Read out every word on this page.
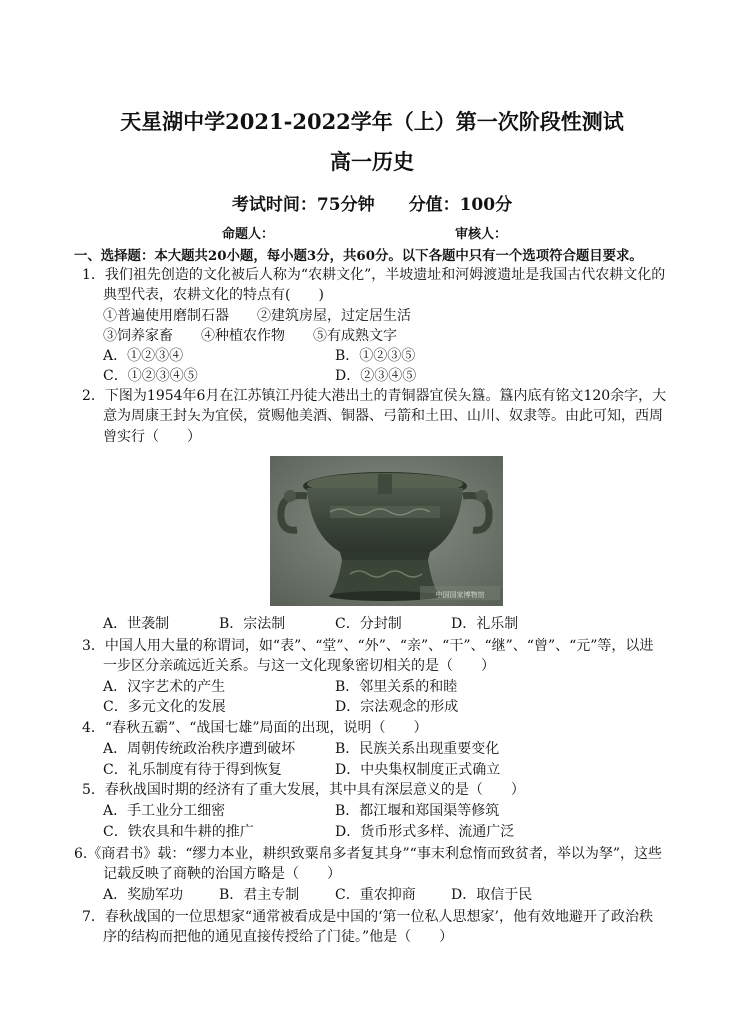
天星湖中学2021-2022学年（上）第一次阶段性测试
高一历史
考试时间：75分钟　　分值：100分
命题人：	审核人：
一、选择题：本大题共20小题，每小题3分，共60分。以下各题中只有一个选项符合题目要求。
1．我们祖先创造的文化被后人称为“农耕文化”，半坡遗址和河姆渡遗址是我国古代农耕文化的
典型代表，农耕文化的特点有(　　)
①普遍使用磨制石器　　②建筑房屋，过定居生活
③饲养家畜　　④种植农作物　　⑤有成熟文字
A．①②③④	B．①②③⑤
C．①②③④⑤	D．②③④⑤
2．下图为1954年6月在江苏镇江丹徒大港出土的青铜器宜侯夨簋。簋内底有铭文120余字，大
意为周康王封夨为宜侯，赏赐他美酒、铜器、弓箭和土田、山川、奴隶等。由此可知，西周
曾实行（　　）
中国国家博物馆
A．世袭制	B．宗法制	C．分封制	D．礼乐制
3．中国人用大量的称谓词，如“表”、“堂”、“外”、“亲”、“干”、“继”、“曾”、“元”等，以进
一步区分亲疏远近关系。与这一文化现象密切相关的是（　　）
A．汉字艺术的产生	B．邻里关系的和睦
C．多元文化的发展	D．宗法观念的形成
4．“春秋五霸”、“战国七雄”局面的出现，说明（　　）
A．周朝传统政治秩序遭到破坏	B．民族关系出现重要变化
C．礼乐制度有待于得到恢复	D．中央集权制度正式确立
5．春秋战国时期的经济有了重大发展，其中具有深层意义的是（　　）
A．手工业分工细密	B．都江堰和郑国渠等修筑
C．铁农具和牛耕的推广	D．货币形式多样、流通广泛
6.《商君书》载：“缪力本业，耕织致粟帛多者复其身”“事末利怠惰而致贫者，举以为孥”，这些
记载反映了商鞅的治国方略是（　　）
A．奖励军功	B．君主专制	C．重农抑商	D．取信于民
7．春秋战国的一位思想家“通常被看成是中国的‘第一位私人思想家’，他有效地避开了政治秩
序的结构而把他的通见直接传授给了门徒。”他是（　　）
